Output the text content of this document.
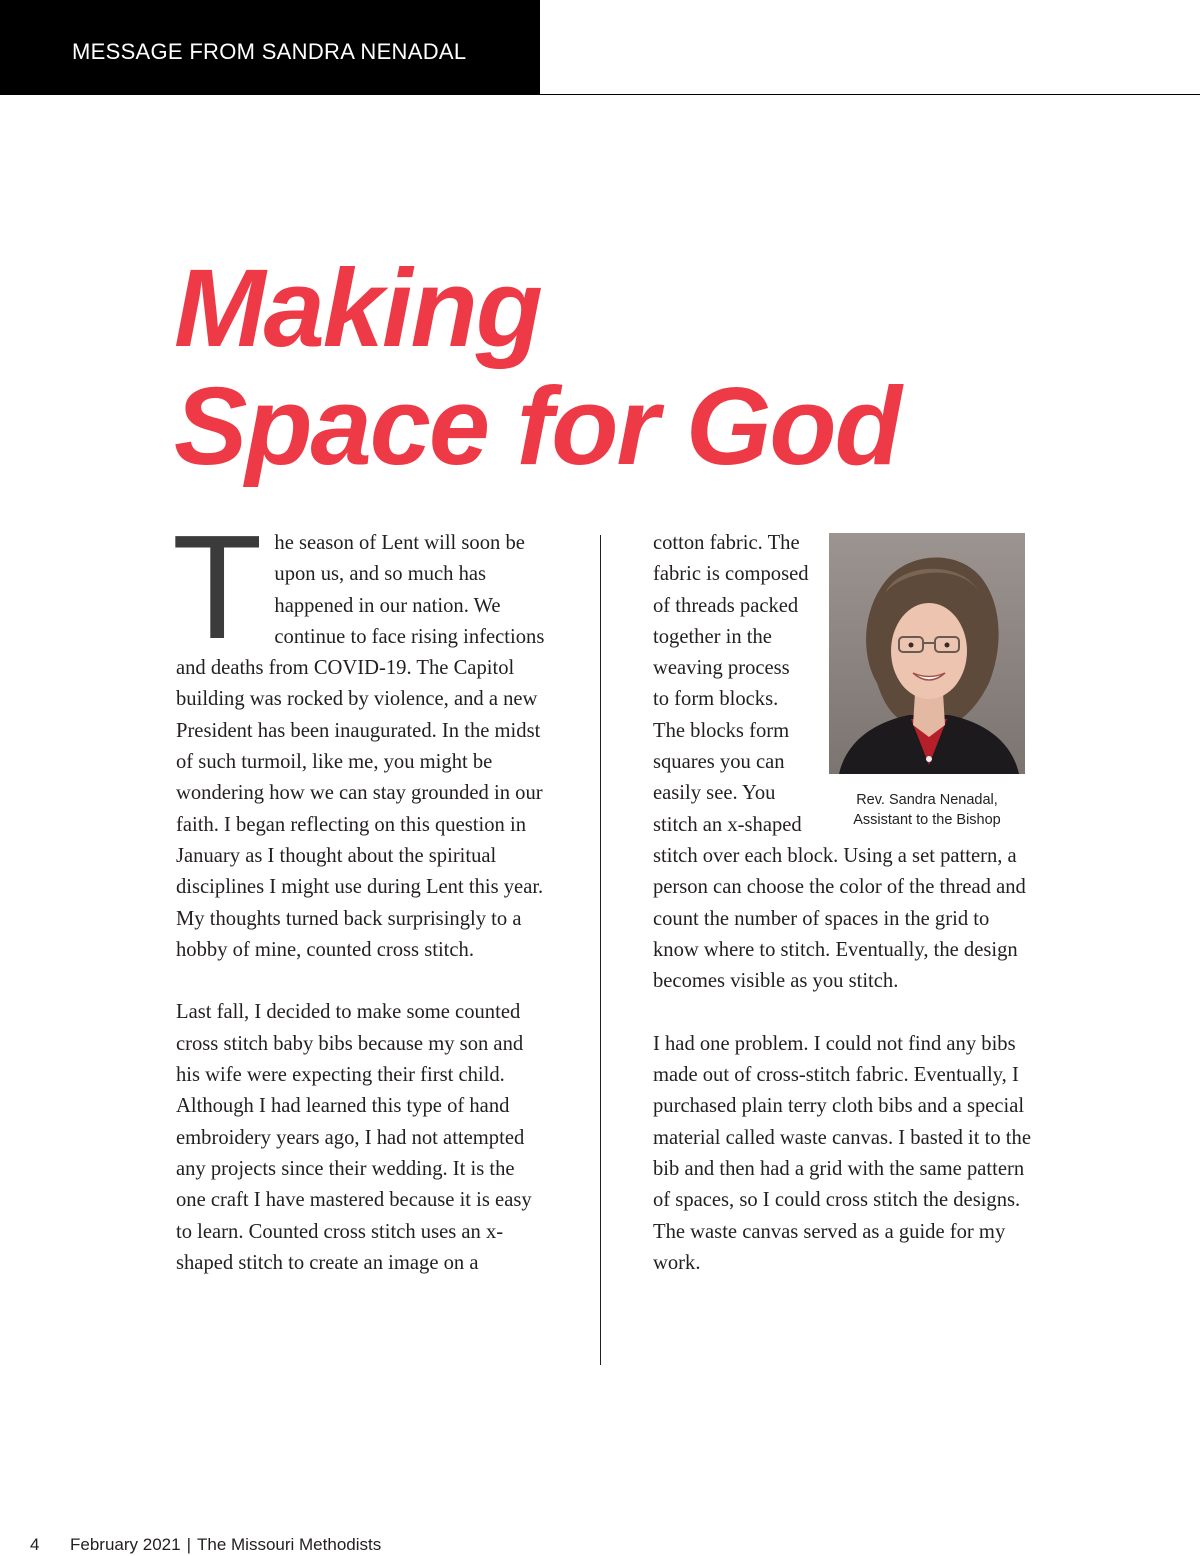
MESSAGE FROM SANDRA NENADAL
Making
Space for God

The season of Lent will soon be upon us, and so much has happened in our nation. We continue to face rising infections and deaths from COVID-19. The Capitol building was rocked by violence, and a new President has been inaugurated. In the midst of such turmoil, like me, you might be wondering how we can stay grounded in our faith. I began reflecting on this question in January as I thought about the spiritual disciplines I might use during Lent this year. My thoughts turned back surprisingly to a hobby of mine, counted cross stitch.

Last fall, I decided to make some counted cross stitch baby bibs because my son and his wife were expecting their first child. Although I had learned this type of hand embroidery years ago, I had not attempted any projects since their wedding. It is the one craft I have mastered because it is easy to learn. Counted cross stitch uses an x-shaped stitch to create an image on a

Rev. Sandra Nenadal,
Assistant to the Bishop

cotton fabric. The fabric is composed of threads packed together in the weaving process to form blocks. The blocks form squares you can easily see. You stitch an x-shaped stitch over each block. Using a set pattern, a person can choose the color of the thread and count the number of spaces in the grid to know where to stitch. Eventually, the design becomes visible as you stitch.

I had one problem. I could not find any bibs made out of cross-stitch fabric. Eventually, I purchased plain terry cloth bibs and a special material called waste canvas. I basted it to the bib and then had a grid with the same pattern of spaces, so I could cross stitch the designs. The waste canvas served as a guide for my work.

4 February 2021 | The Missouri Methodists
